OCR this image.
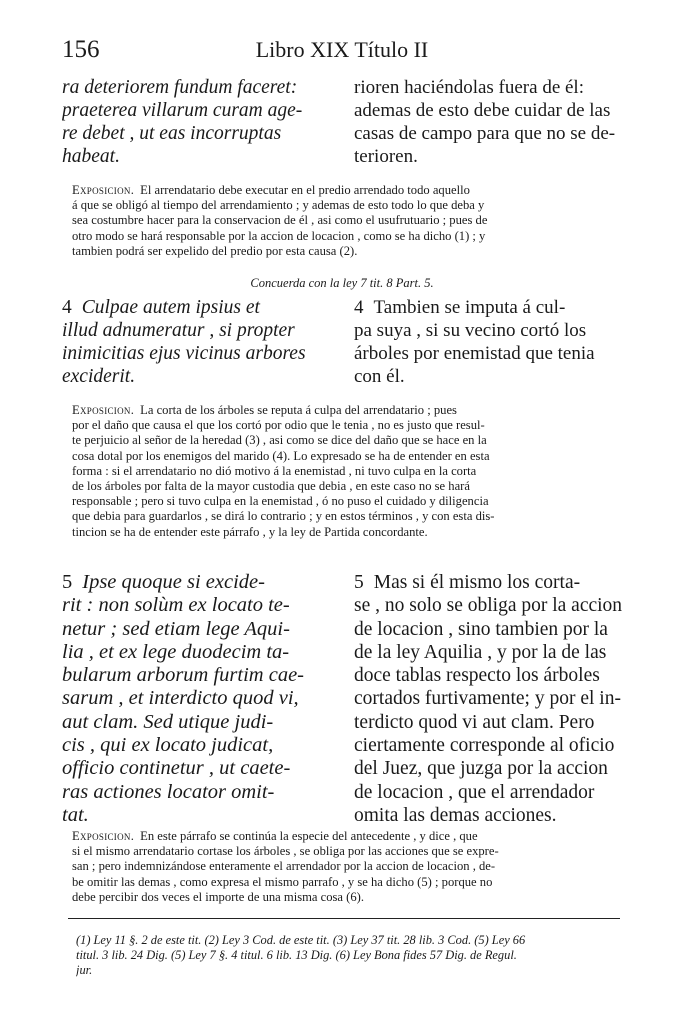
156	Libro XIX Título II
ra deteriorem fundum faceret:
praeterea villarum curam age-
re debet , ut eas incorruptas
habeat.
rioren haciéndolas fuera de él:
ademas de esto debe cuidar de las
casas de campo para que no se de-
terioren.
Exposicion. El arrendatario debe executar en el predio arrendado todo aquello
á que se obligó al tiempo del arrendamiento ; y ademas de esto todo lo que deba y
sea costumbre hacer para la conservacion de él , asi como el usufrutuario ; pues de
otro modo se hará responsable por la accion de locacion , como se ha dicho (1) ; y
tambien podrá ser expelido del predio por esta causa (2).
Concuerda con la ley 7 tit. 8 Part. 5.
4 Culpae autem ipsius et
illud adnumeratur , si propter
inimicitias ejus vicinus arbores
exciderit.
4 Tambien se imputa á cul-
pa suya , si su vecino cortó los
árboles por enemistad que tenia
con él.
Exposicion. La corta de los árboles se reputa á culpa del arrendatario ; pues
por el daño que causa el que los cortó por odio que le tenia , no es justo que resul-
te perjuicio al señor de la heredad (3) , asi como se dice del daño que se hace en la
cosa dotal por los enemigos del marido (4). Lo expresado se ha de entender en esta
forma : si el arrendatario no dió motivo á la enemistad , ni tuvo culpa en la corta
de los árboles por falta de la mayor custodia que debia , en este caso no se hará
responsable ; pero si tuvo culpa en la enemistad , ó no puso el cuidado y diligencia
que debia para guardarlos , se dirá lo contrario ; y en estos términos , y con esta dis-
tincion se ha de entender este párrafo , y la ley de Partida concordante.
5 Ipse quoque si excide-
rit : non solùm ex locato te-
netur ; sed etiam lege Aqui-
lia , et ex lege duodecim ta-
bularum arborum furtim cae-
sarum , et interdicto quod vi,
aut clam. Sed utique judi-
cis , qui ex locato judicat,
officio continetur , ut caete-
ras actiones locator omit-
tat.
5 Mas si él mismo los corta-
se , no solo se obliga por la accion
de locacion , sino tambien por la
de la ley Aquilia , y por la de las
doce tablas respecto los árboles
cortados furtivamente; y por el in-
terdicto quod vi aut clam. Pero
ciertamente corresponde al oficio
del Juez, que juzga por la accion
de locacion , que el arrendador
omita las demas acciones.
Exposicion. En este párrafo se continúa la especie del antecedente , y dice , que
si el mismo arrendatario cortase los árboles , se obliga por las acciones que se expre-
san ; pero indemnizándose enteramente el arrendador por la accion de locacion , de-
be omitir las demas , como expresa el mismo parrafo , y se ha dicho (5) ; porque no
debe percibir dos veces el importe de una misma cosa (6).
(1) Ley 11 §. 2 de este tit. (2) Ley 3 Cod. de este tit. (3) Ley 37 tit. 28 lib. 3 Cod. (5) Ley 66
titul. 3 lib. 24 Dig. (5) Ley 7 §. 4 titul. 6 lib. 13 Dig. (6) Ley Bona fides 57 Dig. de Regul.
jur.
